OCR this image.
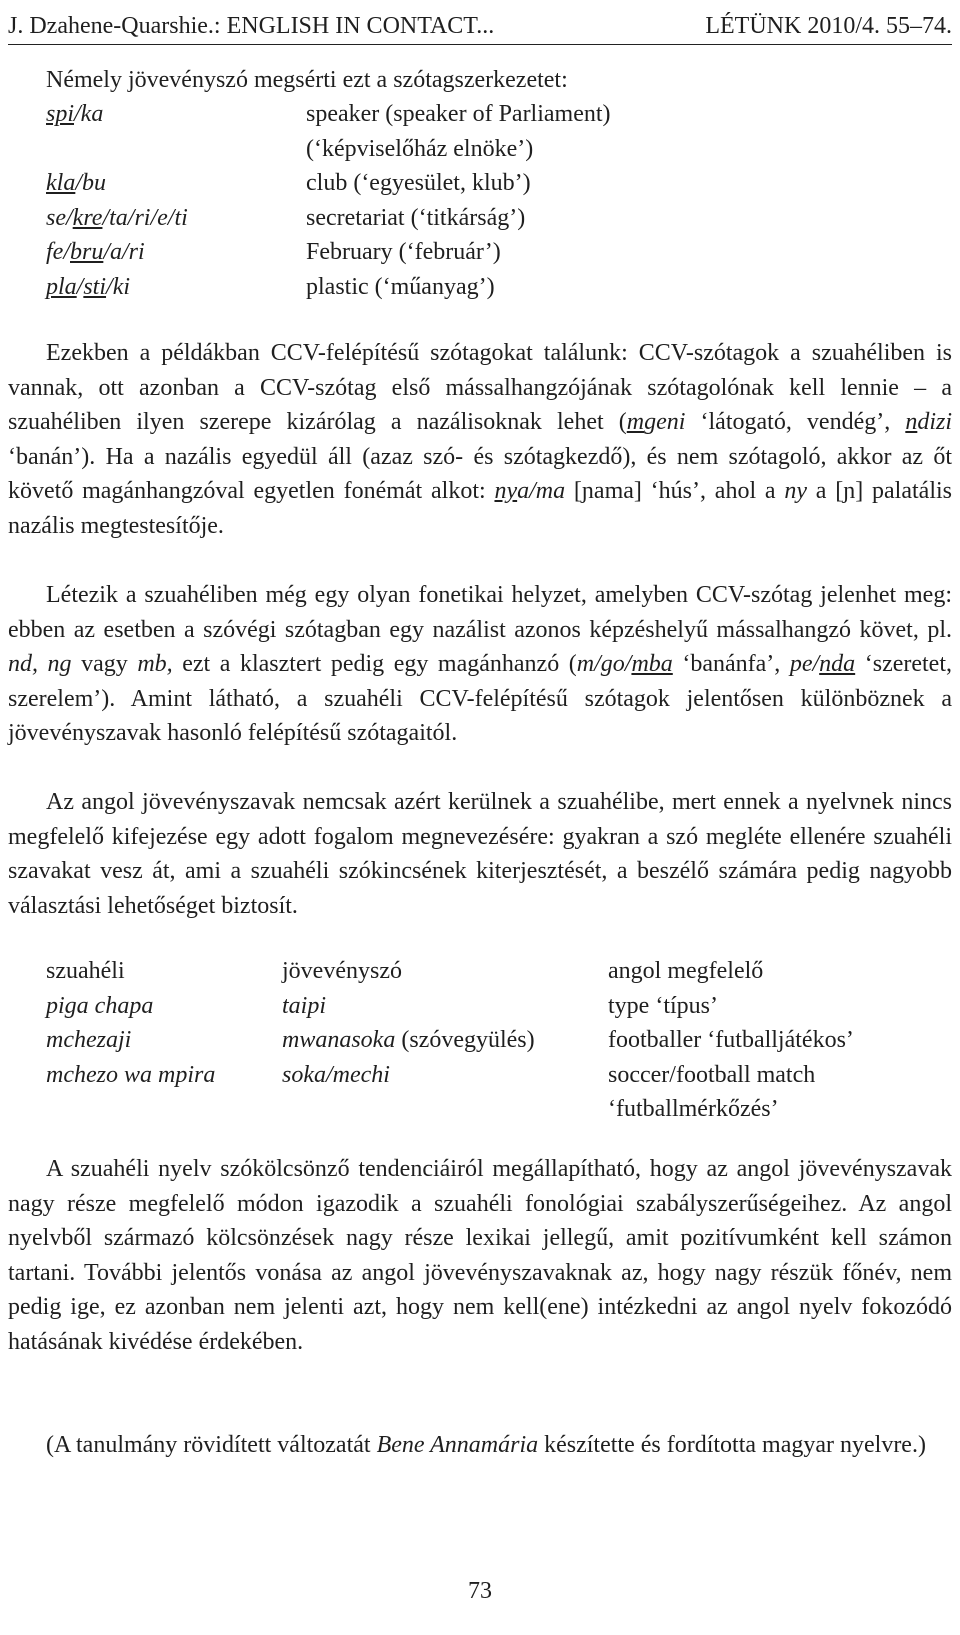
J. Dzahene-Quarshie.: ENGLISH IN CONTACT...	LÉTÜNK 2010/4. 55–74.

Némely jövevényszó megsérti ezt a szótagszerkezetet:

spi/ka	speaker (speaker of Parliament)
(‘képviselőház elnöke’)
kla/bu	club (‘egyesület, klub’)
se/kre/ta/ri/e/ti	secretariat (‘titkárság’)
fe/bru/a/ri	February (‘február’)
pla/sti/ki	plastic (‘műanyag’)

Ezekben a példákban CCV-felépítésű szótagokat találunk: CCV-szótagok a szuahéliben is vannak, ott azonban a CCV-szótag első mássalhangzójának szótagolónak kell lennie – a szuahéliben ilyen szerepe kizárólag a nazálisoknak lehet (mgeni ‘látogató, vendég’, ndizi ‘banán’). Ha a nazális egyedül áll (azaz szó- és szótagkezdő), és nem szótagoló, akkor az őt követő magánhangzóval egyetlen fonémát alkot: nya/ma [ɲama] ‘hús’, ahol a ny a [ɲ] palatális nazális megtestesítője.

Létezik a szuahéliben még egy olyan fonetikai helyzet, amelyben CCV-szótag jelenhet meg: ebben az esetben a szóvégi szótagban egy nazálist azonos képzéshelyű mássalhangzó követ, pl. nd, ng vagy mb, ezt a klasztert pedig egy magánhanzó (m/go/mba ‘banánfa’, pe/nda ‘szeretet, szerelem’). Amint látható, a szuahéli CCV-felépítésű szótagok jelentősen különböznek a jövevényszavak hasonló felépítésű szótagaitól.

Az angol jövevényszavak nemcsak azért kerülnek a szuahélibe, mert ennek a nyelvnek nincs megfelelő kifejezése egy adott fogalom megnevezésére: gyakran a szó megléte ellenére szuahéli szavakat vesz át, ami a szuahéli szókincsének kiterjesztését, a beszélő számára pedig nagyobb választási lehetőséget biztosít.

szuahéli	jövevényszó	angol megfelelő
piga chapa	taipi	type ‘típus’
mchezaji	mwanasoka (szóvegyülés)	footballer ‘futballjátékos’
mchezo wa mpira	soka/mechi	soccer/football match
‘futballmérkőzés’

A szuahéli nyelv szókölcsönző tendenciáiról megállapítható, hogy az angol jövevényszavak nagy része megfelelő módon igazodik a szuahéli fonológiai szabályszerűségeihez. Az angol nyelvből származó kölcsönzések nagy része lexikai jellegű, amit pozitívumként kell számon tartani. További jelentős vonása az angol jövevényszavaknak az, hogy nagy részük főnév, nem pedig ige, ez azonban nem jelenti azt, hogy nem kell(ene) intézkedni az angol nyelv fokozódó hatásának kivédése érdekében.

(A tanulmány rövidített változatát Bene Annamária készítette és fordította magyar nyelvre.)

73
